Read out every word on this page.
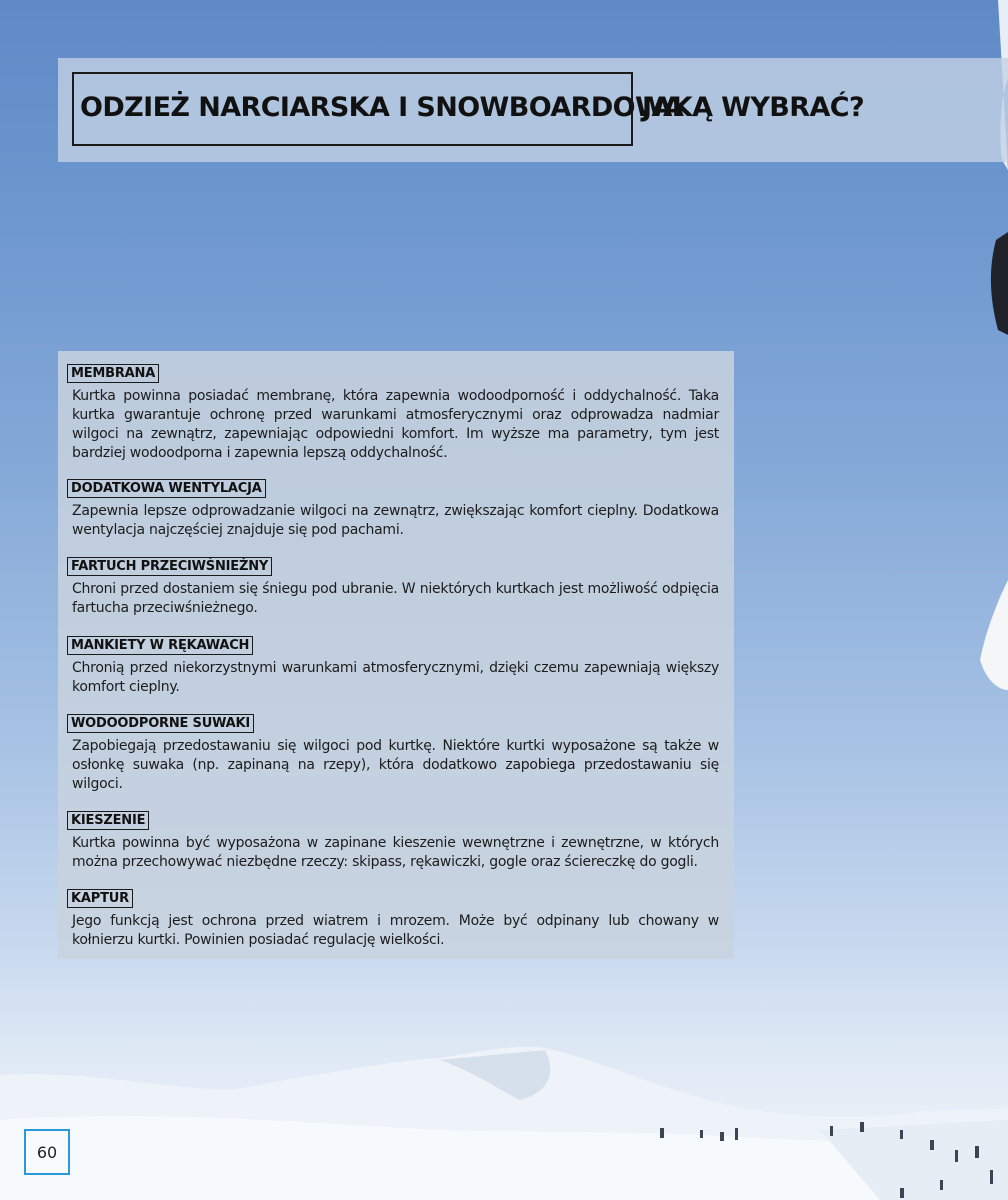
ODZIEŻ NARCIARSKA I SNOWBOARDOWA
JAKĄ WYBRAĆ?
MEMBRANA
Kurtka powinna posiadać membranę, która zapewnia wodoodporność i oddychalność. Taka kurtka gwarantuje ochronę przed warunkami atmosferycznymi oraz odprowadza nadmiar wilgoci na zewnątrz, zapewniając odpowiedni komfort. Im wyższe ma parametry, tym jest bardziej wodoodporna i zapewnia lepszą oddychalność.
DODATKOWA WENTYLACJA
Zapewnia lepsze odprowadzanie wilgoci na zewnątrz, zwiększając komfort cieplny. Dodatkowa wentylacja najczęściej znajduje się pod pachami.
FARTUCH PRZECIWŚNIEŻNY
Chroni przed dostaniem się śniegu pod ubranie. W niektórych kurtkach jest możliwość odpięcia fartucha przeciwśnieżnego.
MANKIETY W RĘKAWACH
Chronią przed niekorzystnymi warunkami atmosferycznymi, dzięki czemu zapewniają większy komfort cieplny.
WODOODPORNE SUWAKI
Zapobiegają przedostawaniu się wilgoci pod kurtkę. Niektóre kurtki wyposażone są także w osłonkę suwaka (np. zapinaną na rzepy), która dodatkowo zapobiega przedostawaniu się wilgoci.
KIESZENIE
Kurtka powinna być wyposażona w zapinane kieszenie wewnętrzne i zewnętrzne, w których można przechowywać niezbędne rzeczy: skipass, rękawiczki, gogle oraz ściereczkę do gogli.
KAPTUR
Jego funkcją jest ochrona przed wiatrem i mrozem. Może być odpinany lub chowany w kołnierzu kurtki. Powinien posiadać regulację wielkości.
60
